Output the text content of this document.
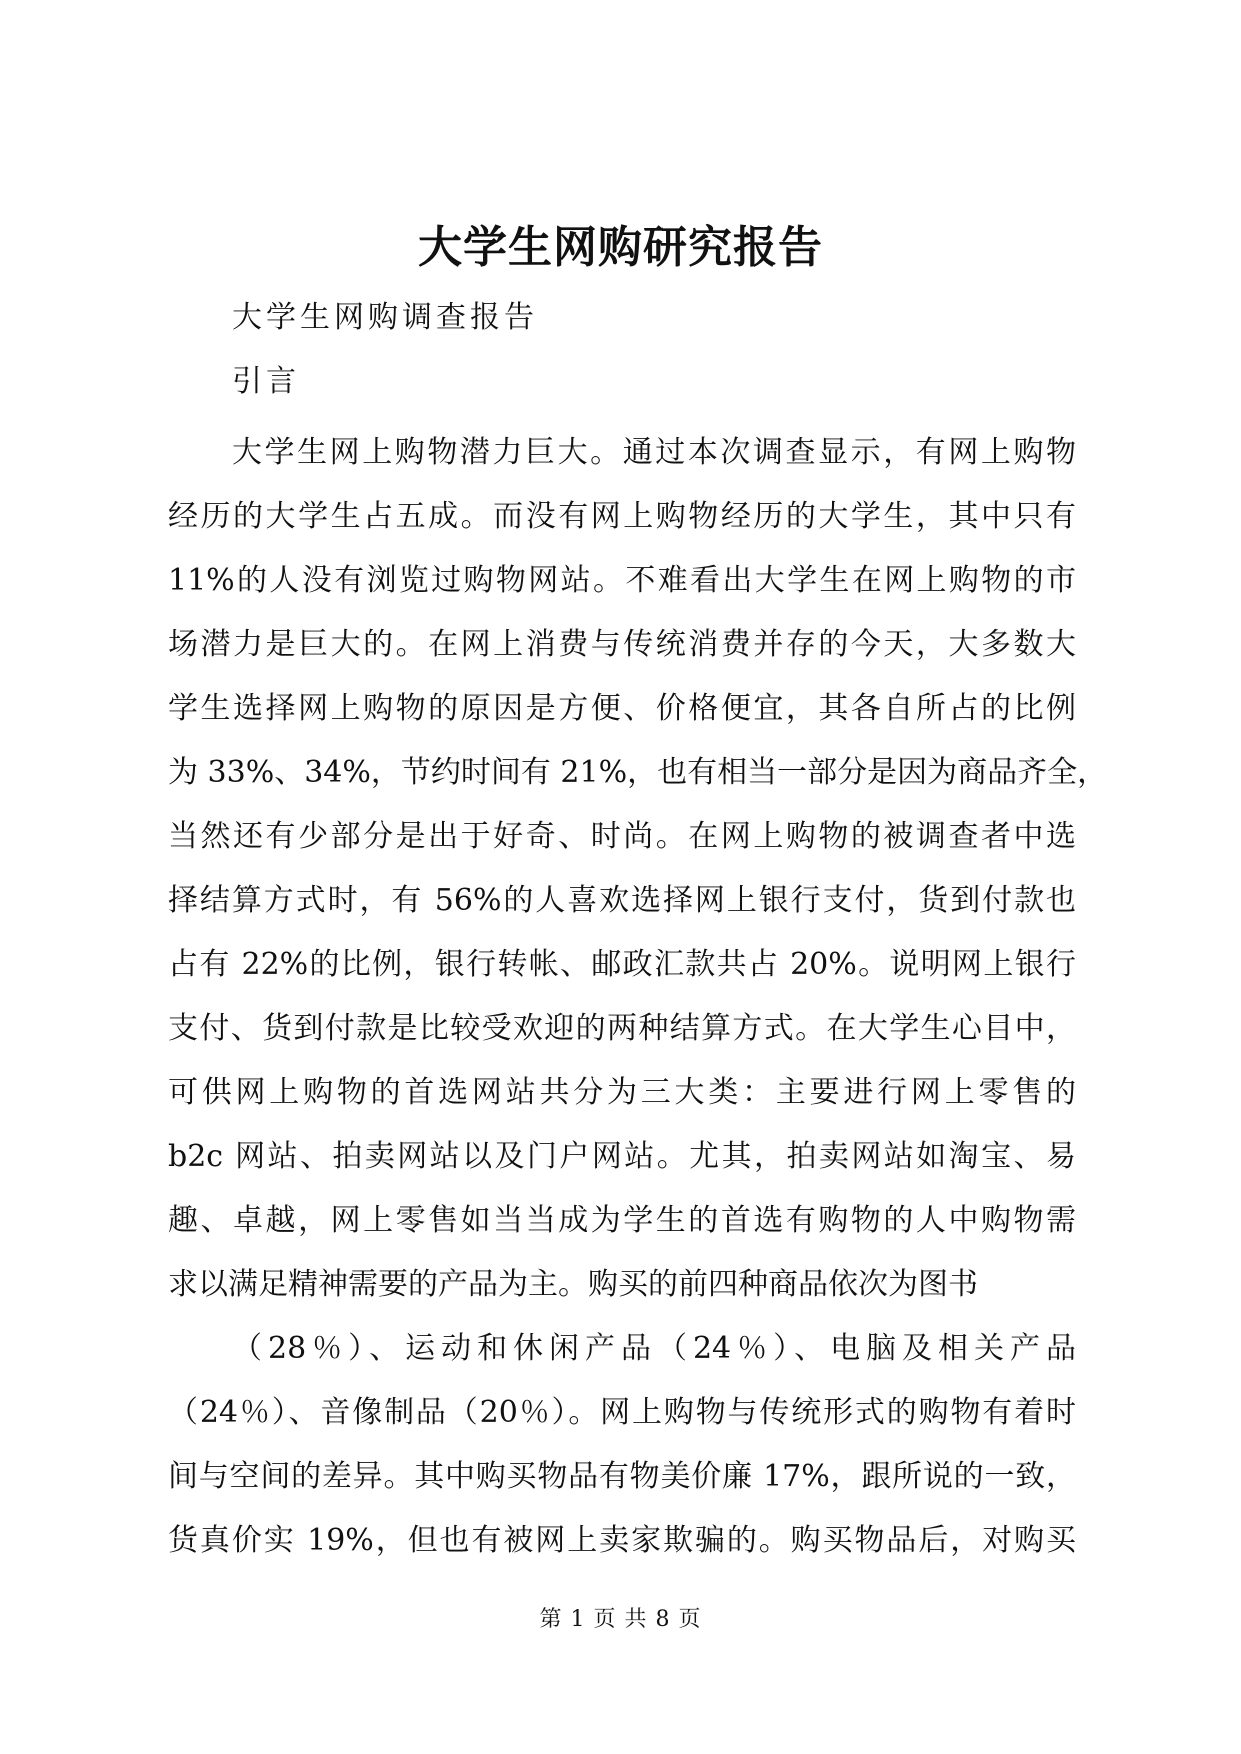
大学生网购研究报告

大学生网购调查报告

引言

大学生网上购物潜力巨大。通过本次调查显示，有网上购物
经历的大学生占五成。而没有网上购物经历的大学生，其中只有
11%的人没有浏览过购物网站。不难看出大学生在网上购物的市
场潜力是巨大的。在网上消费与传统消费并存的今天，大多数大
学生选择网上购物的原因是方便、价格便宜，其各自所占的比例
为 33%、34%，节约时间有 21%，也有相当一部分是因为商品齐全，
当然还有少部分是出于好奇、时尚。在网上购物的被调查者中选
择结算方式时，有 56%的人喜欢选择网上银行支付，货到付款也
占有 22%的比例，银行转帐、邮政汇款共占 20%。说明网上银行
支付、货到付款是比较受欢迎的两种结算方式。在大学生心目中，
可供网上购物的首选网站共分为三大类：主要进行网上零售的
b2c 网站、拍卖网站以及门户网站。尤其，拍卖网站如淘宝、易
趣、卓越，网上零售如当当成为学生的首选有购物的人中购物需
求以满足精神需要的产品为主。购买的前四种商品依次为图书
（28％）、运动和休闲产品（24％）、电脑及相关产品
（24％）、音像制品（20％）。网上购物与传统形式的购物有着时
间与空间的差异。其中购买物品有物美价廉 17%，跟所说的一致，
货真价实 19%，但也有被网上卖家欺骗的。购买物品后，对购买
第 1 页 共 8 页
